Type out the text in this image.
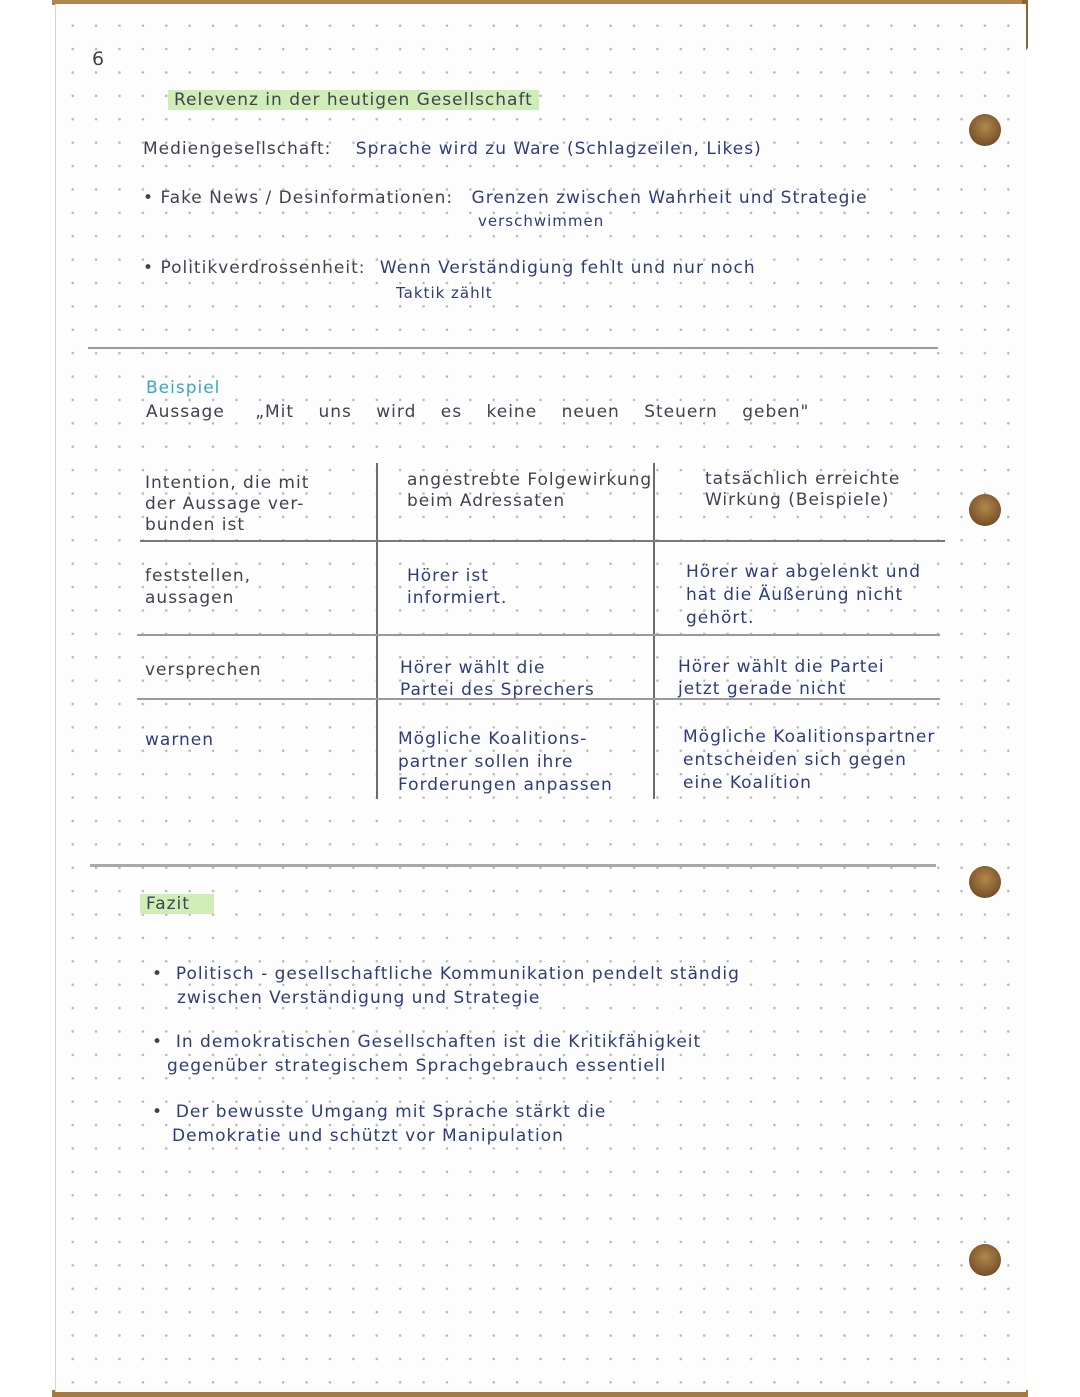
6
Relevenz in der heutigen Gesellschaft
Mediengesellschaft: Sprache wird zu Ware (Schlagzeilen, Likes)
• Fake News / Desinformationen: Grenzen zwischen Wahrheit und Strategie
verschwimmen
• Politikverdrossenheit: Wenn Verständigung fehlt und nur noch
Taktik zählt
Beispiel
Aussage „Mit uns wird es keine neuen Steuern geben"
Intention, die mit
der Aussage ver-
bunden ist
angestrebte Folgewirkung
beim Adressaten
tatsächlich erreichte
Wirkung (Beispiele)
feststellen,
aussagen
Hörer ist
informiert.
Hörer war abgelenkt und
hat die Äußerung nicht
gehört.
versprechen	Hörer wählt die
Partei des Sprechers
Hörer wählt die Partei
jetzt gerade nicht
warnen	Mögliche Koalitions-
partner sollen ihre
Forderungen anpassen
Mögliche Koalitionspartner
entscheiden sich gegen
eine Koalition
Fazit
•  Politisch - gesellschaftliche Kommunikation pendelt ständig
zwischen Verständigung und Strategie
•  In demokratischen Gesellschaften ist die Kritikfähigkeit
gegenüber strategischem Sprachgebrauch essentiell
•  Der bewusste Umgang mit Sprache stärkt die
Demokratie und schützt vor Manipulation
